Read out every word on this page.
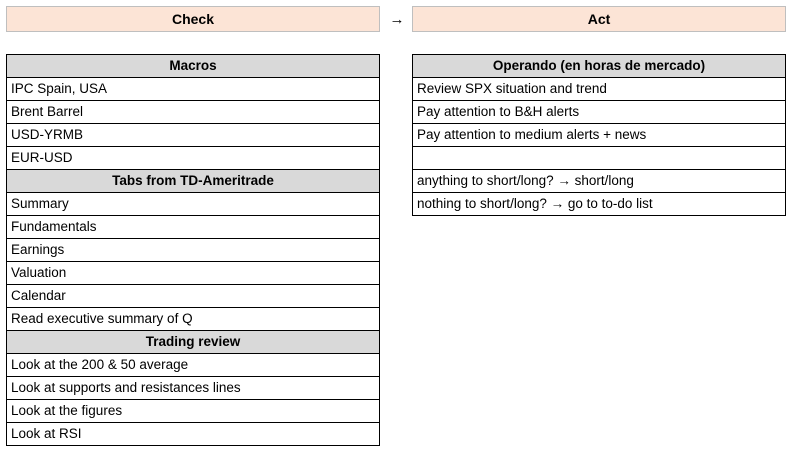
Check	→	Act
Macros
IPC Spain, USA
Brent Barrel
USD-YRMB
EUR-USD
Tabs from TD-Ameritrade
Summary
Fundamentals
Earnings
Valuation
Calendar
Read executive summary of Q
Trading review
Look at the 200 & 50 average
Look at supports and resistances lines
Look at the figures
Look at RSI
Operando (en horas de mercado)
Review SPX situation and trend
Pay attention to B&H alerts
Pay attention to medium alerts + news

anything to short/long? → short/long
nothing to short/long? → go to to-do list
